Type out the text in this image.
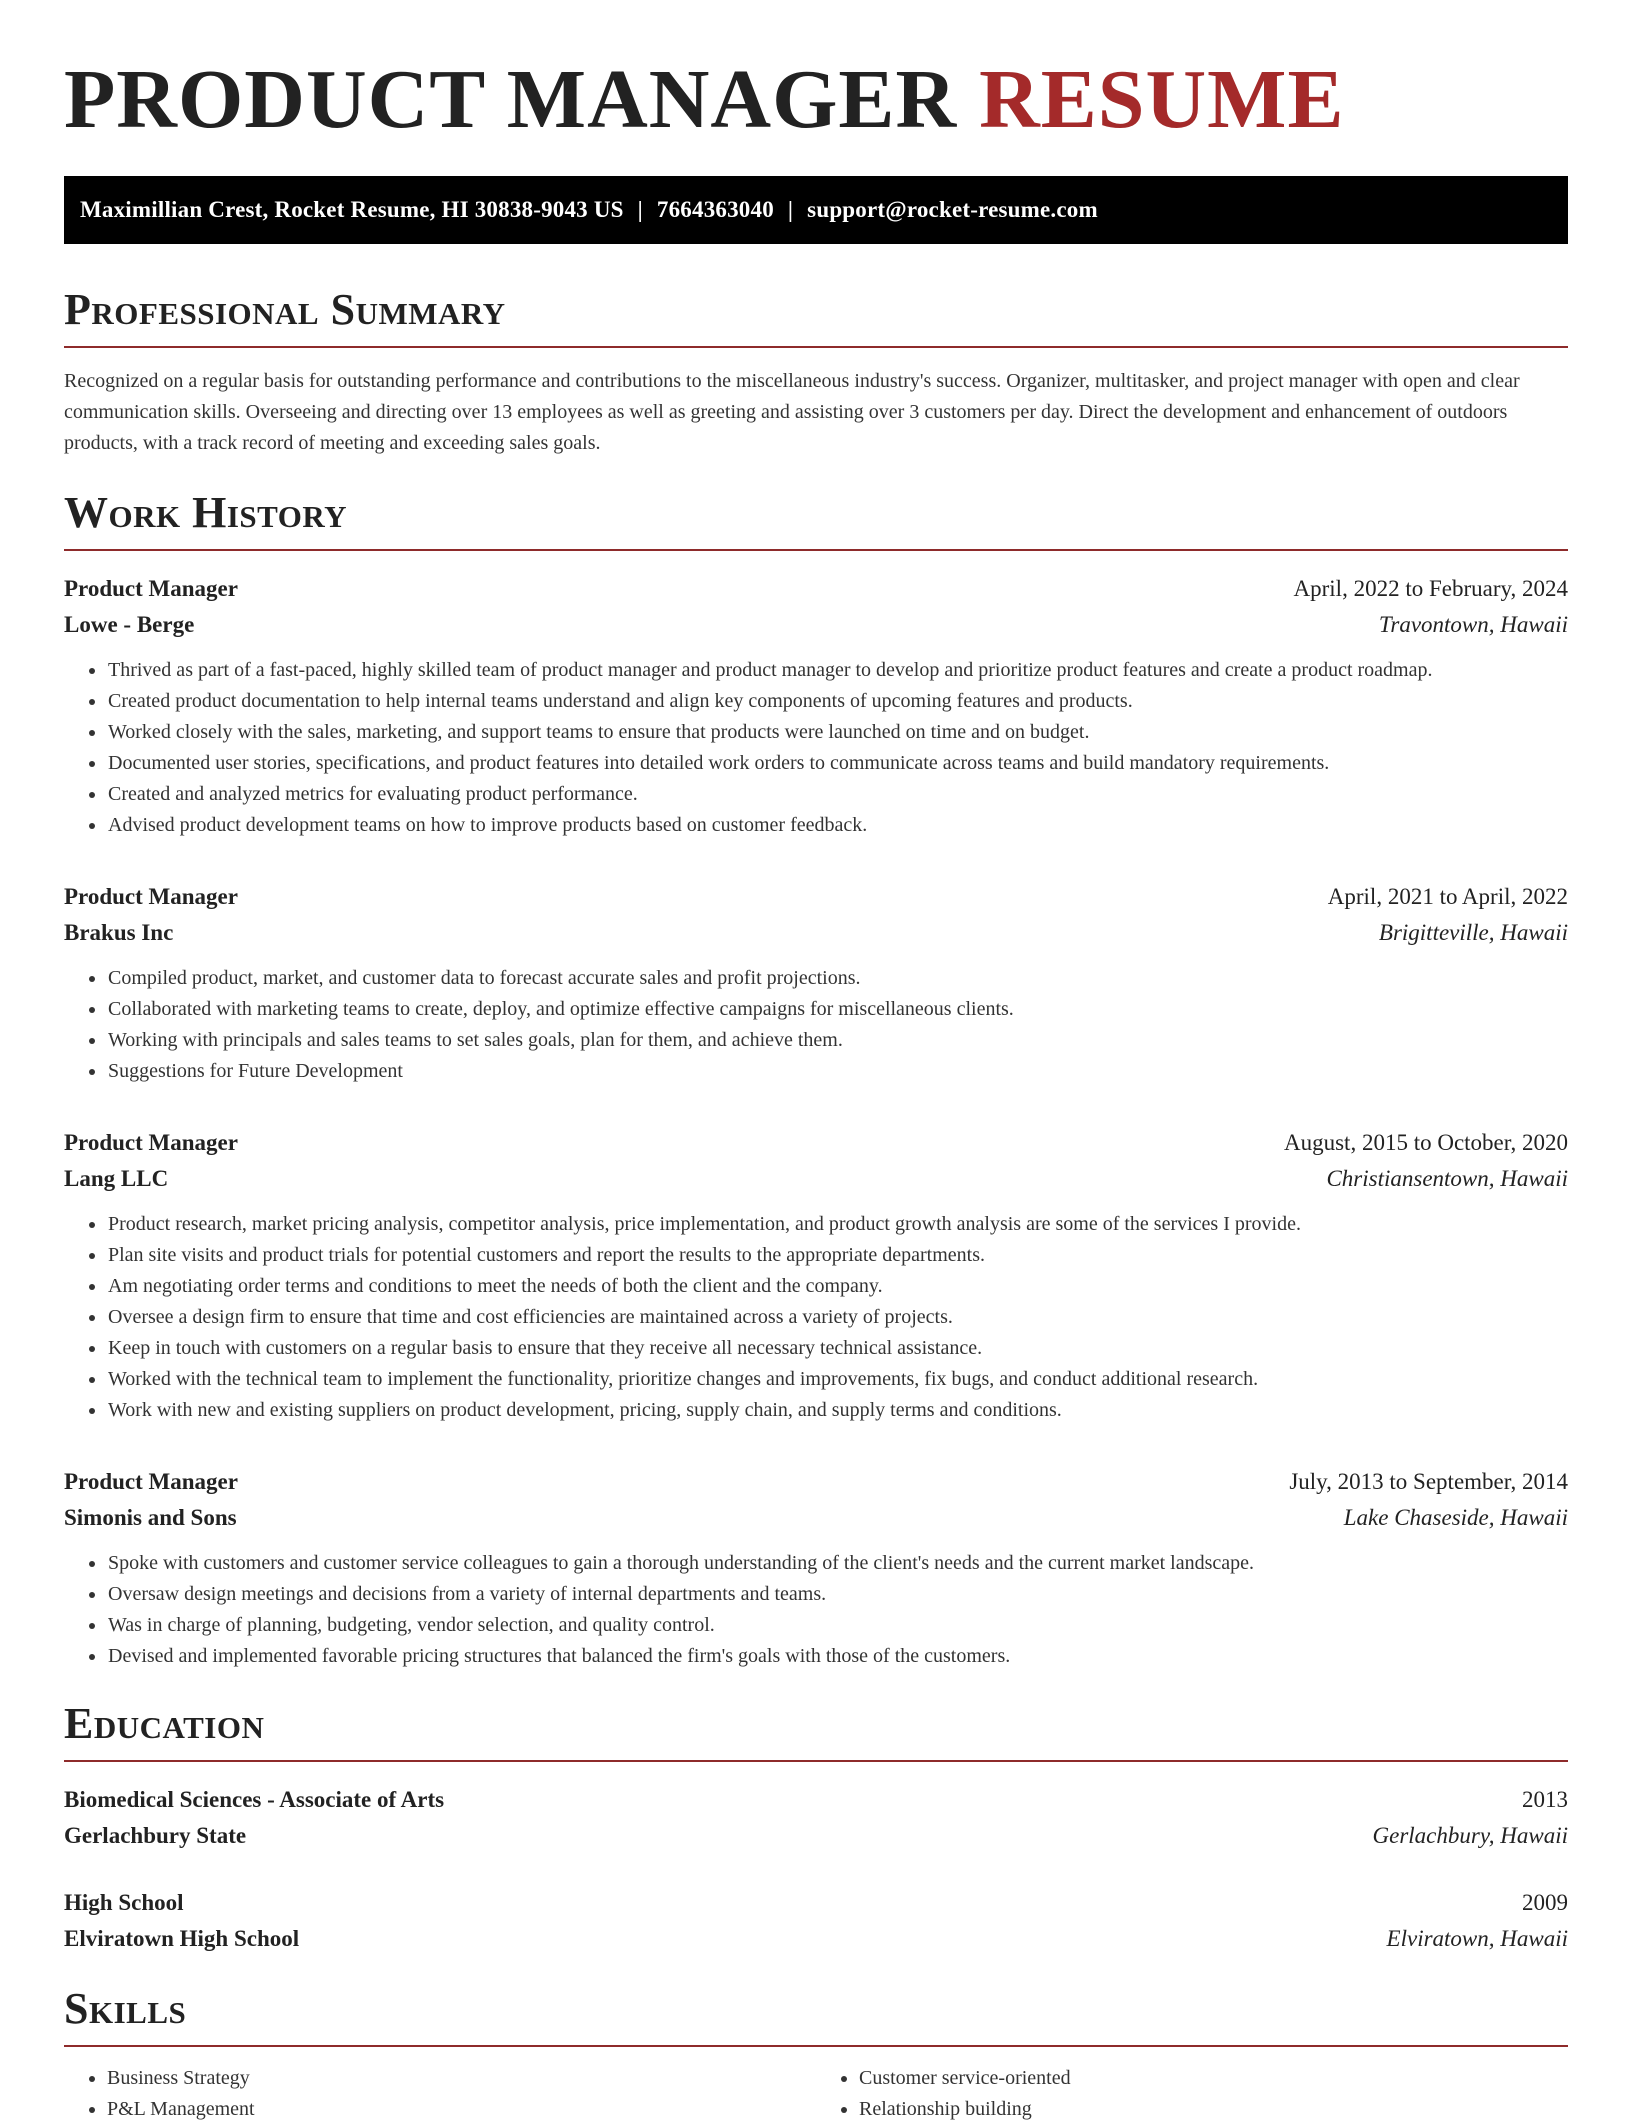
PRODUCT MANAGER RESUME
Maximillian Crest, Rocket Resume, HI 30838-9043 US | 7664363040 | support@rocket-resume.com
Professional Summary

Recognized on a regular basis for outstanding performance and contributions to the miscellaneous industry's success. Organizer, multitasker, and project manager with open and clear communication skills. Overseeing and directing over 13 employees as well as greeting and assisting over 3 customers per day. Direct the development and enhancement of outdoors products, with a track record of meeting and exceeding sales goals.

Work History
Product Manager	April, 2022 to February, 2024
Lowe - Berge	Travontown, Hawaii
• Thrived as part of a fast-paced, highly skilled team of product manager and product manager to develop and prioritize product features and create a product roadmap.
• Created product documentation to help internal teams understand and align key components of upcoming features and products.
• Worked closely with the sales, marketing, and support teams to ensure that products were launched on time and on budget.
• Documented user stories, specifications, and product features into detailed work orders to communicate across teams and build mandatory requirements.
• Created and analyzed metrics for evaluating product performance.
• Advised product development teams on how to improve products based on customer feedback.
Product Manager	April, 2021 to April, 2022
Brakus Inc	Brigitteville, Hawaii
• Compiled product, market, and customer data to forecast accurate sales and profit projections.
• Collaborated with marketing teams to create, deploy, and optimize effective campaigns for miscellaneous clients.
• Working with principals and sales teams to set sales goals, plan for them, and achieve them.
• Suggestions for Future Development
Product Manager	August, 2015 to October, 2020
Lang LLC	Christiansentown, Hawaii
• Product research, market pricing analysis, competitor analysis, price implementation, and product growth analysis are some of the services I provide.
• Plan site visits and product trials for potential customers and report the results to the appropriate departments.
• Am negotiating order terms and conditions to meet the needs of both the client and the company.
• Oversee a design firm to ensure that time and cost efficiencies are maintained across a variety of projects.
• Keep in touch with customers on a regular basis to ensure that they receive all necessary technical assistance.
• Worked with the technical team to implement the functionality, prioritize changes and improvements, fix bugs, and conduct additional research.
• Work with new and existing suppliers on product development, pricing, supply chain, and supply terms and conditions.
Product Manager	July, 2013 to September, 2014
Simonis and Sons	Lake Chaseside, Hawaii
• Spoke with customers and customer service colleagues to gain a thorough understanding of the client's needs and the current market landscape.
• Oversaw design meetings and decisions from a variety of internal departments and teams.
• Was in charge of planning, budgeting, vendor selection, and quality control.
• Devised and implemented favorable pricing structures that balanced the firm's goals with those of the customers.
Education
Biomedical Sciences - Associate of Arts	2013
Gerlachbury State	Gerlachbury, Hawaii
High School	2009
Elviratown High School	Elviratown, Hawaii
Skills
• Business Strategy
• P&L Management
• Customer service-oriented
• Relationship building
